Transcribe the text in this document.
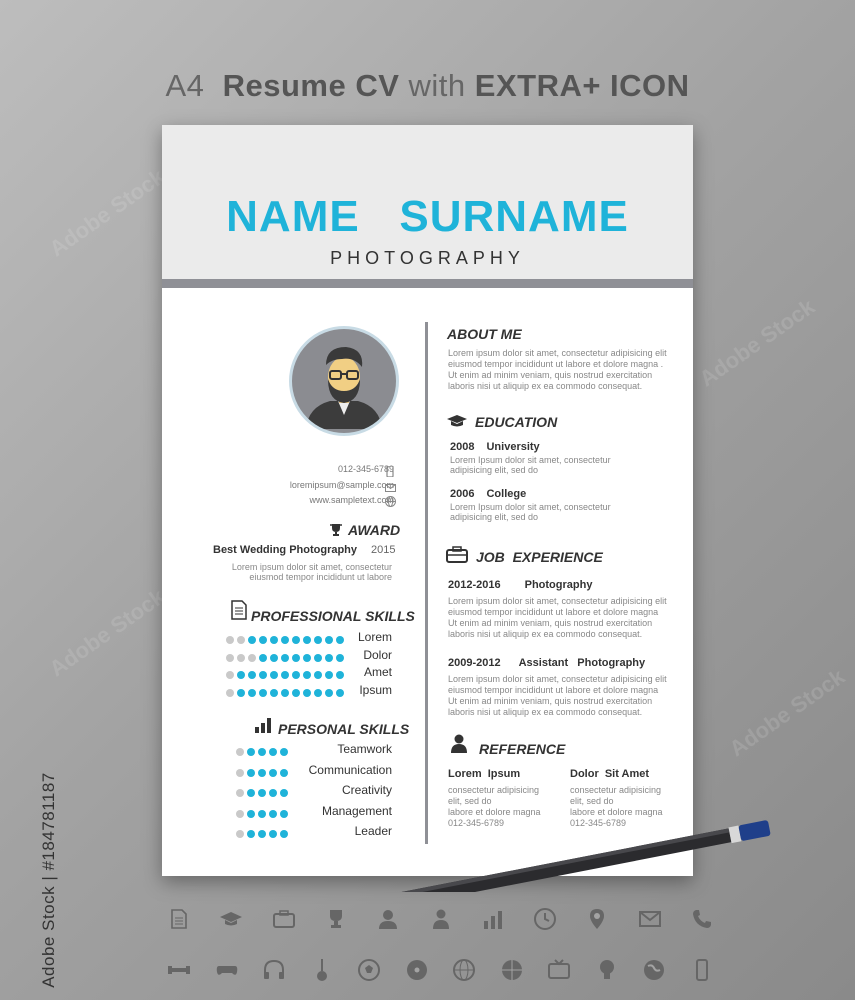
Adobe Stock
Adobe Stock
Adobe Stock
Adobe Stock
A4 Resume CV with EXTRA+ ICON
Adobe Stock | #184781187
NAME   SURNAME
PHOTOGRAPHY
012-345-6789
loremipsum@sample.com
www.sampletext.com
AWARD
Best Wedding Photography 2015
Lorem ipsum dolor sit amet, consectetur
eiusmod tempor incididunt ut labore
PROFESSIONAL SKILLS
PERSONAL SKILLS
ABOUT ME
Lorem ipsum dolor sit amet, consectetur adipisicing elit
eiusmod tempor incididunt ut labore et dolore magna .
Ut enim ad minim veniam, quis nostrud exercitation
laboris nisi ut aliquip ex ea commodo consequat.
EDUCATION
2008 University
Lorem Ipsum dolor sit amet, consectetur
adipisicing elit, sed do
2006 College
Lorem Ipsum dolor sit amet, consectetur
adipisicing elit, sed do
JOB  EXPERIENCE
2012-2016 Photography
Lorem ipsum dolor sit amet, consectetur adipisicing elit
eiusmod tempor incididunt ut labore et dolore magna
Ut enim ad minim veniam, quis nostrud exercitation
laboris nisi ut aliquip ex ea commodo consequat.
2009-2012 Assistant   Photography
Lorem ipsum dolor sit amet, consectetur adipisicing elit
eiusmod tempor incididunt ut labore et dolore magna
Ut enim ad minim veniam, quis nostrud exercitation
laboris nisi ut aliquip ex ea commodo consequat.
REFERENCE
Lorem  Ipsum
consectetur adipisicing
elit, sed do
labore et dolore magna
012-345-6789
Dolor  Sit Amet
consectetur adipisicing
elit, sed do
labore et dolore magna
012-345-6789
Lorem
Dolor
Amet
Ipsum
Teamwork
Communication
Creativity
Management
Leader
